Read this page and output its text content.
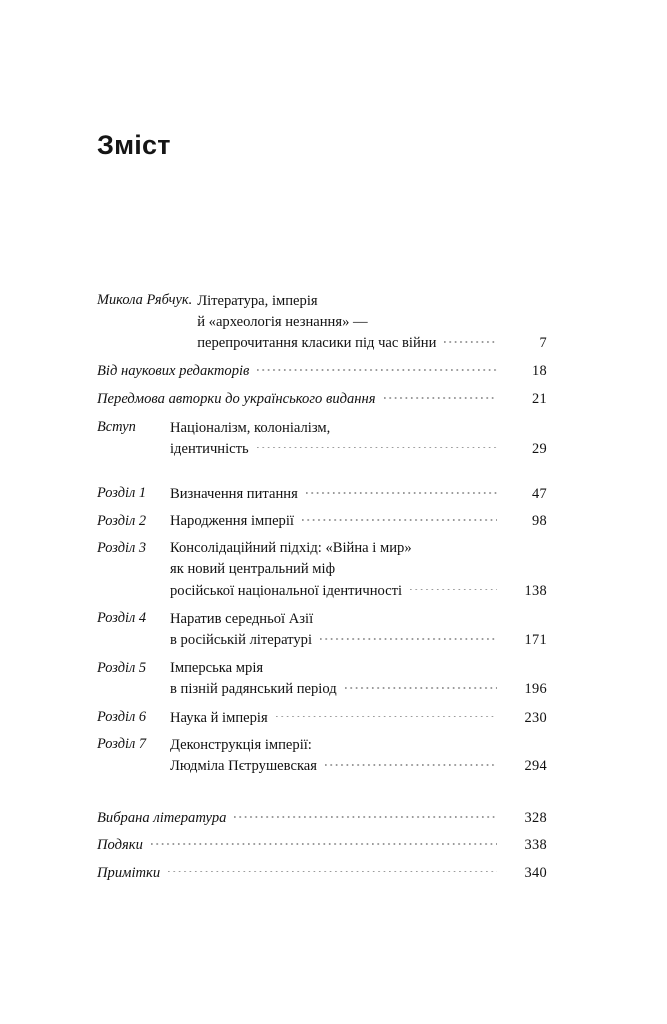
Зміст
Микола Рябчук. Література, імперія
й «археологія незнання» —
перепрочитання класики під час війни	7
Від наукових редакторів	18
Передмова авторки до українського видання	21
Вступ	Націоналізм, колоніалізм,
ідентичність	29
Розділ 1	Визначення питання	47
Розділ 2	Народження імперії	98
Розділ 3	Консолідаційний підхід: «Війна і мир»
як новий центральний міф
російської національної ідентичності	138
Розділ 4	Наратив середньої Азії
в російській літературі	171
Розділ 5	Імперська мрія
в пізній радянський період	196
Розділ 6	Наука й імперія	230
Розділ 7	Деконструкція імперії:
Людміла Пєтрушевская	294
Вибрана література	328
Подяки	338
Примітки	340
